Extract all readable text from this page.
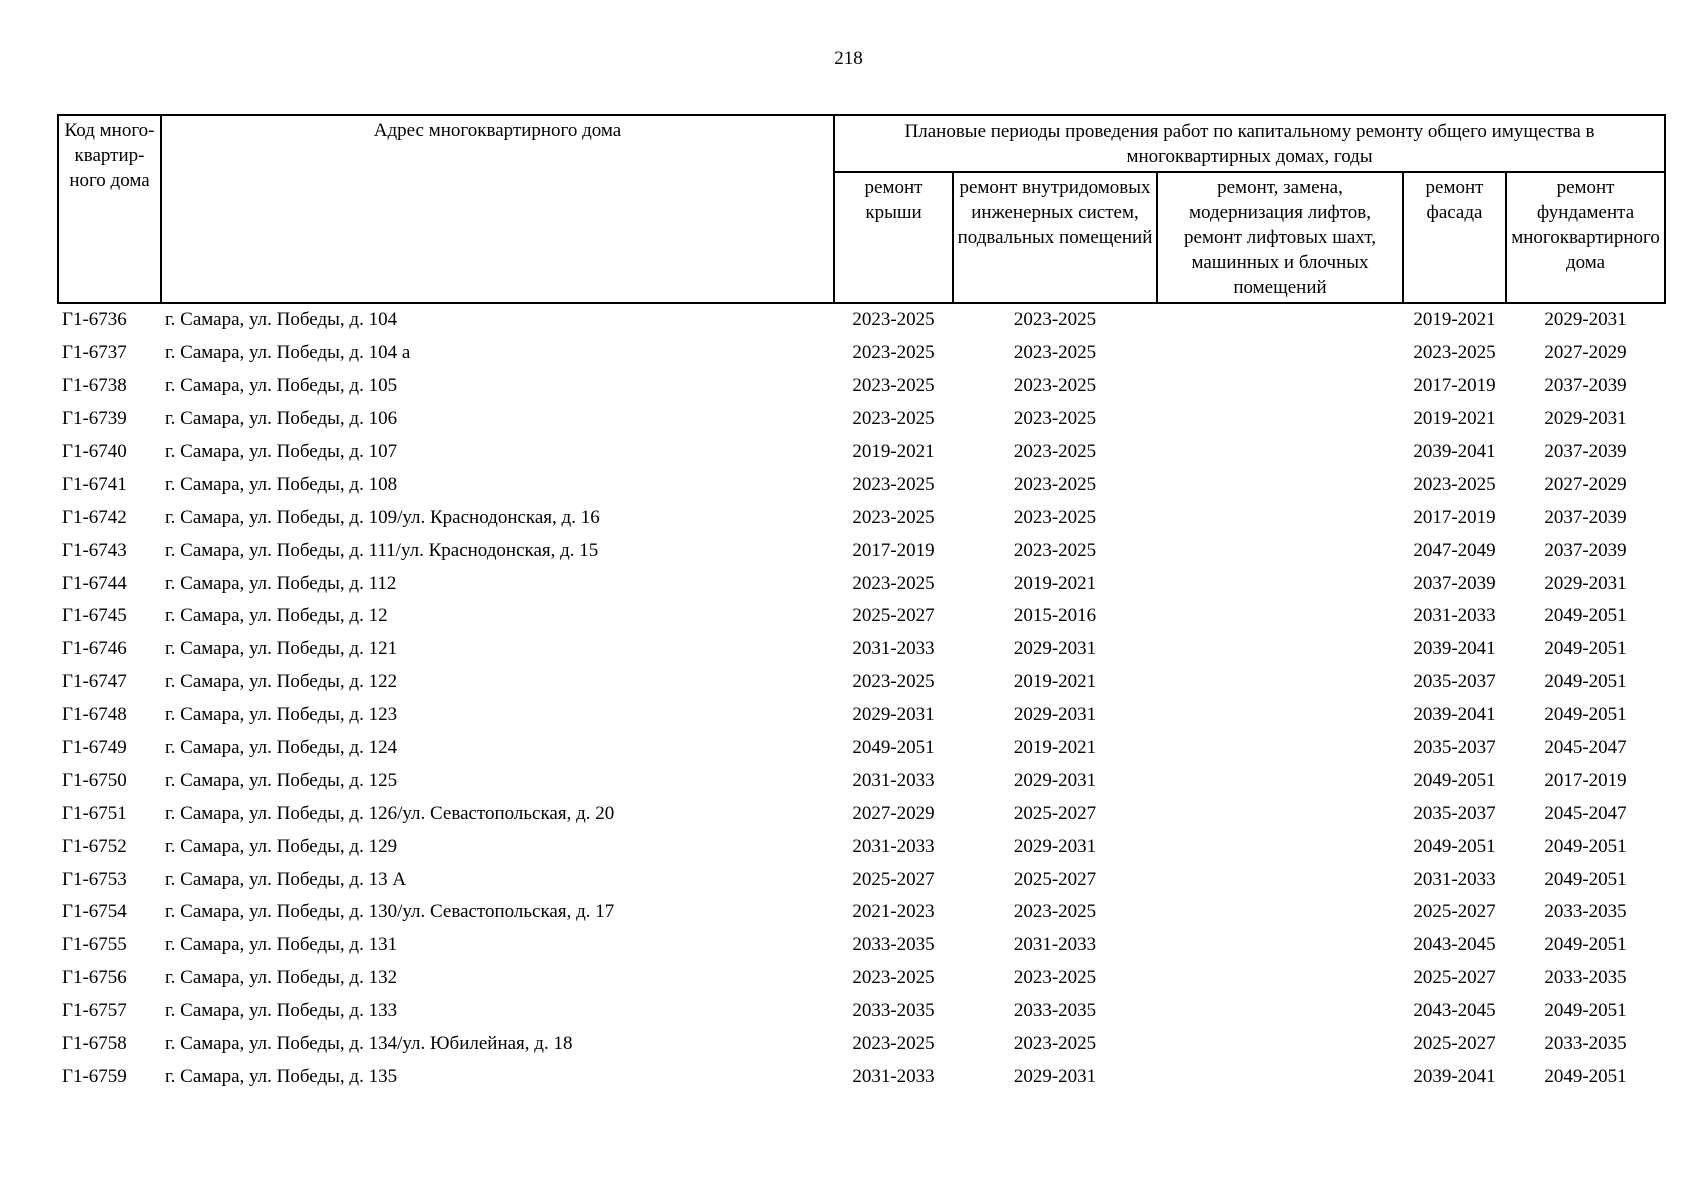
218
Код много-квартир-ного дома	Адрес многоквартирного дома	Плановые периоды проведения работ по капитальному ремонту общего имущества в многоквартирных домах, годы				

		ремонт крыши	ремонт внутридомовых инженерных систем, подвальных помещений	ремонт, замена, модернизация лифтов, ремонт лифтовых шахт, машинных и блочных помещений	ремонт фасада	ремонт фундамента многоквартирного дома
Г1-6736	г. Самара, ул. Победы, д. 104	2023-2025	2023-2025		2019-2021	2029-2031
Г1-6737	г. Самара, ул. Победы, д. 104 а	2023-2025	2023-2025		2023-2025	2027-2029
Г1-6738	г. Самара, ул. Победы, д. 105	2023-2025	2023-2025		2017-2019	2037-2039
Г1-6739	г. Самара, ул. Победы, д. 106	2023-2025	2023-2025		2019-2021	2029-2031
Г1-6740	г. Самара, ул. Победы, д. 107	2019-2021	2023-2025		2039-2041	2037-2039
Г1-6741	г. Самара, ул. Победы, д. 108	2023-2025	2023-2025		2023-2025	2027-2029
Г1-6742	г. Самара, ул. Победы, д. 109/ул. Краснодонская, д. 16	2023-2025	2023-2025		2017-2019	2037-2039
Г1-6743	г. Самара, ул. Победы, д. 111/ул. Краснодонская, д. 15	2017-2019	2023-2025		2047-2049	2037-2039
Г1-6744	г. Самара, ул. Победы, д. 112	2023-2025	2019-2021		2037-2039	2029-2031
Г1-6745	г. Самара, ул. Победы, д. 12	2025-2027	2015-2016		2031-2033	2049-2051
Г1-6746	г. Самара, ул. Победы, д. 121	2031-2033	2029-2031		2039-2041	2049-2051
Г1-6747	г. Самара, ул. Победы, д. 122	2023-2025	2019-2021		2035-2037	2049-2051
Г1-6748	г. Самара, ул. Победы, д. 123	2029-2031	2029-2031		2039-2041	2049-2051
Г1-6749	г. Самара, ул. Победы, д. 124	2049-2051	2019-2021		2035-2037	2045-2047
Г1-6750	г. Самара, ул. Победы, д. 125	2031-2033	2029-2031		2049-2051	2017-2019
Г1-6751	г. Самара, ул. Победы, д. 126/ул. Севастопольская, д. 20	2027-2029	2025-2027		2035-2037	2045-2047
Г1-6752	г. Самара, ул. Победы, д. 129	2031-2033	2029-2031		2049-2051	2049-2051
Г1-6753	г. Самара, ул. Победы, д. 13 А	2025-2027	2025-2027		2031-2033	2049-2051
Г1-6754	г. Самара, ул. Победы, д. 130/ул. Севастопольская, д. 17	2021-2023	2023-2025		2025-2027	2033-2035
Г1-6755	г. Самара, ул. Победы, д. 131	2033-2035	2031-2033		2043-2045	2049-2051
Г1-6756	г. Самара, ул. Победы, д. 132	2023-2025	2023-2025		2025-2027	2033-2035
Г1-6757	г. Самара, ул. Победы, д. 133	2033-2035	2033-2035		2043-2045	2049-2051
Г1-6758	г. Самара, ул. Победы, д. 134/ул. Юбилейная, д. 18	2023-2025	2023-2025		2025-2027	2033-2035
Г1-6759	г. Самара, ул. Победы, д. 135	2031-2033	2029-2031		2039-2041	2049-2051
